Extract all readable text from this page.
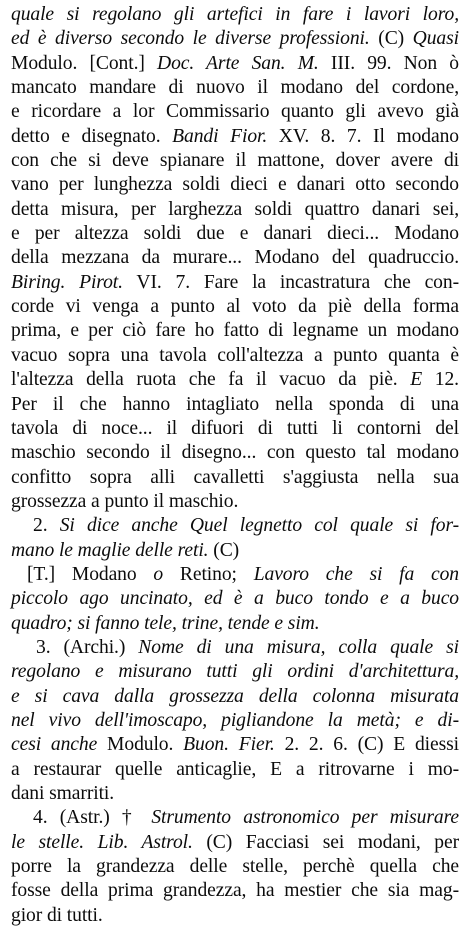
quale si regolano gli artefici in fare i lavori loro,
ed è diverso secondo le diverse professioni. (C) Quasi
Modulo. [Cont.] Doc. Arte San. M. III. 99. Non ò
mancato mandare di nuovo il modano del cordone,
e ricordare a lor Commissario quanto gli avevo già
detto e disegnato. Bandi Fior. XV. 8. 7. Il modano
con che si deve spianare il mattone, dover avere di
vano per lunghezza soldi dieci e danari otto secondo
detta misura, per larghezza soldi quattro danari sei,
e per altezza soldi due e danari dieci... Modano
della mezzana da murare... Modano del quadruccio.
Biring. Pirot. VI. 7. Fare la incastratura che con-
corde vi venga a punto al voto da piè della forma
prima, e per ciò fare ho fatto di legname un modano
vacuo sopra una tavola coll'altezza a punto quanta è
l'altezza della ruota che fa il vacuo da piè. E 12.
Per il che hanno intagliato nella sponda di una
tavola di noce... il difuori di tutti li contorni del
maschio secondo il disegno... con questo tal modano
confitto sopra alli cavalletti s'aggiusta nella sua
grossezza a punto il maschio.
2. Si dice anche Quel legnetto col quale si for-
mano le maglie delle reti. (C)
[T.] Modano o Retino; Lavoro che si fa con
piccolo ago uncinato, ed è a buco tondo e a buco
quadro; si fanno tele, trine, tende e sim.
3. (Archi.) Nome di una misura, colla quale si
regolano e misurano tutti gli ordini d'architettura,
e si cava dalla grossezza della colonna misurata
nel vivo dell'imoscapo, pigliandone la metà; e di-
cesi anche Modulo. Buon. Fier. 2. 2. 6. (C) E diessi
a restaurar quelle anticaglie, E a ritrovarne i mo-
dani smarriti.
4. (Astr.) † Strumento astronomico per misurare
le stelle. Lib. Astrol. (C) Facciasi sei modani, per
porre la grandezza delle stelle, perchè quella che
fosse della prima grandezza, ha mestier che sia mag-
gior di tutti.
